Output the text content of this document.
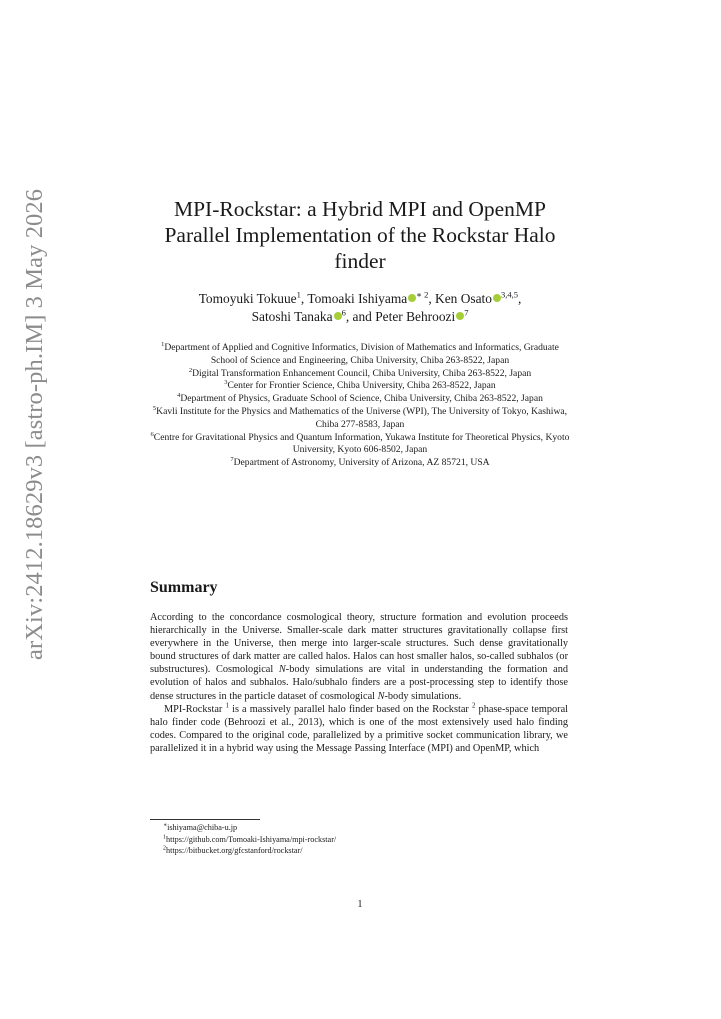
arXiv:2412.18629v3 [astro-ph.IM] 3 May 2026	MPI-Rockstar: a Hybrid MPI and OpenMP Parallel Implementation of the Rockstar Halo finder
Tomoyuki Tokuue$^1$, Tomoaki Ishiyama $^{∗ 2}$, Ken Osato $^{3,4,5}$,
Satoshi Tanaka $^6$, and Peter Behroozi $^7$
$^1$Department of Applied and Cognitive Informatics, Division of Mathematics and Informatics, Graduate School of Science and Engineering, Chiba University, Chiba 263-8522, Japan
$^2$Digital Transformation Enhancement Council, Chiba University, Chiba 263-8522, Japan
$^3$Center for Frontier Science, Chiba University, Chiba 263-8522, Japan
$^4$Department of Physics, Graduate School of Science, Chiba University, Chiba 263-8522, Japan
$^5$Kavli Institute for the Physics and Mathematics of the Universe (WPI), The University of Tokyo, Kashiwa, Chiba 277-8583, Japan
$^6$Centre for Gravitational Physics and Quantum Information, Yukawa Institute for Theoretical Physics, Kyoto University, Kyoto 606-8502, Japan
$^7$Department of Astronomy, University of Arizona, AZ 85721, USA
Summary

According to the concordance cosmological theory, structure formation and evolution proceeds hierarchically in the Universe. Smaller-scale dark matter structures gravitationally collapse first everywhere in the Universe, then merge into larger-scale structures. Such dense gravitationally bound structures of dark matter are called halos. Halos can host smaller halos, so-called subhalos (or substructures). Cosmological N-body simulations are vital in understanding the formation and evolution of halos and subhalos. Halo/subhalo finders are a post-processing step to identify those dense structures in the particle dataset of cosmological N-body simulations.

MPI-Rockstar $^1$ is a massively parallel halo finder based on the Rockstar $^2$ phase-space temporal halo finder code (Behroozi et al., 2013), which is one of the most extensively used halo finding codes. Compared to the original code, parallelized by a primitive socket communication library, we parallelized it in a hybrid way using the Message Passing Interface (MPI) and OpenMP, which

∗ishiyama@chiba-u.jp
$^1$https://github.com/Tomoaki-Ishiyama/mpi-rockstar/
$^2$https://bitbucket.org/gfcstanford/rockstar/
1
